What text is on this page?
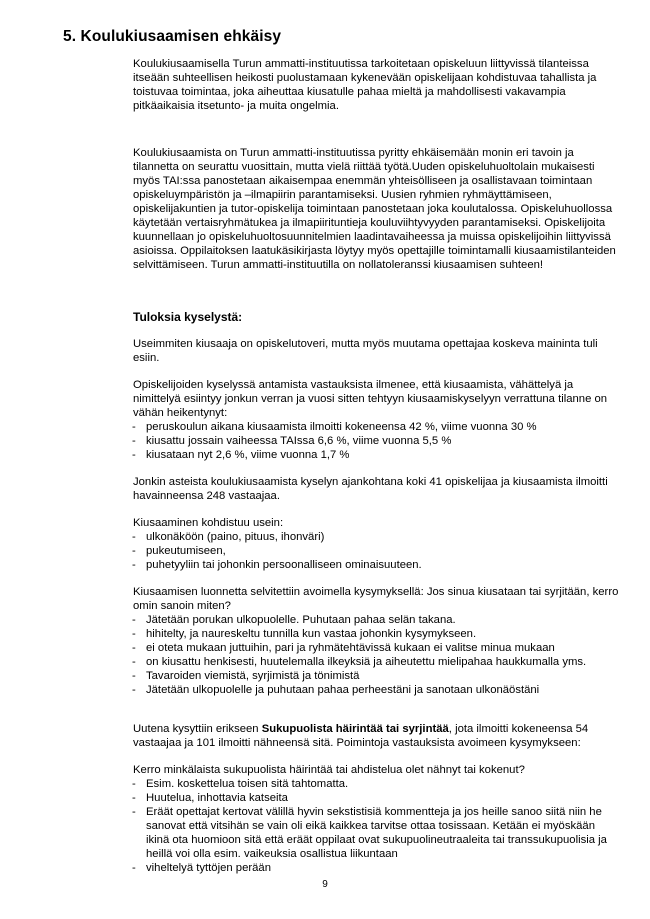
5. Koulukiusaamisen ehkäisy

Koulukiusaamisella Turun ammatti-instituutissa tarkoitetaan opiskeluun liittyvissä tilanteissa itseään suhteellisen heikosti puolustamaan kykenevään opiskelijaan kohdistuvaa tahallista ja toistuvaa toimintaa, joka aiheuttaa kiusatulle pahaa mieltä ja mahdollisesti vakavampia pitkäaikaisia itsetunto- ja muita ongelmia.

Koulukiusaamista on Turun ammatti-instituutissa pyritty ehkäisemään monin eri tavoin ja tilannetta on seurattu vuosittain, mutta vielä riittää työtä.Uuden opiskeluhuoltolain mukaisesti myös TAI:ssa panostetaan aikaisempaa enemmän yhteisölliseen ja osallistavaan toimintaan opiskeluympäristön ja –ilmapiirin parantamiseksi. Uusien ryhmien ryhmäyttämiseen, opiskelijakuntien ja tutor-opiskelija toimintaan panostetaan joka koulutalossa. Opiskeluhuollossa käytetään vertaisryhmätukea ja ilmapiirituntieja kouluviihtyvyyden parantamiseksi. Opiskelijoita kuunnellaan jo opiskeluhuoltosuunnitelmien laadintavaiheessa ja muissa opiskelijoihin liittyvissä asioissa. Oppilaitoksen laatukäsikirjasta löytyy myös opettajille toimintamalli kiusaamistilanteiden selvittämiseen. Turun ammatti-instituutilla on nollatoleranssi kiusaamisen suhteen!

Tuloksia kyselystä:

Useimmiten kiusaaja on opiskelutoveri, mutta myös muutama opettajaa koskeva maininta tuli esiin.

Opiskelijoiden kyselyssä antamista vastauksista ilmenee, että kiusaamista, vähättelyä ja nimittelyä esiintyy jonkun verran ja vuosi sitten tehtyyn kiusaamiskyselyyn verrattuna tilanne on vähän heikentynyt:

- peruskoulun aikana kiusaamista ilmoitti kokeneensa 42 %, viime vuonna 30 %
- kiusattu jossain vaiheessa TAIssa 6,6 %, viime vuonna 5,5 %
- kiusataan nyt 2,6 %, viime vuonna 1,7 %

Jonkin asteista koulukiusaamista kyselyn ajankohtana koki 41 opiskelijaa ja kiusaamista ilmoitti havainneensa 248 vastaajaa.

Kiusaaminen kohdistuu usein:

- ulkonäköön (paino, pituus, ihonväri)
- pukeutumiseen,
- puhetyyliin tai johonkin persoonalliseen ominaisuuteen.

Kiusaamisen luonnetta selvitettiin avoimella kysymyksellä: Jos sinua kiusataan tai syrjitään, kerro omin sanoin miten?

- Jätetään porukan ulkopuolelle. Puhutaan pahaa selän takana.
- hihitelty, ja naureskeltu tunnilla kun vastaa johonkin kysymykseen.
- ei oteta mukaan juttuihin, pari ja ryhmätehtävissä kukaan ei valitse minua mukaan
- on kiusattu henkisesti, huutelemalla ilkeyksiä ja aiheutettu mielipahaa haukkumalla yms.
- Tavaroiden viemistä, syrjimistä ja tönimistä
- Jätetään ulkopuolelle ja puhutaan pahaa perheestäni ja sanotaan ulkonäöstäni

Uutena kysyttiin erikseen Sukupuolista häirintää tai syrjintää, jota ilmoitti kokeneensa 54 vastaajaa ja 101 ilmoitti nähneensä sitä. Poimintoja vastauksista avoimeen kysymykseen:

Kerro minkälaista sukupuolista häirintää tai ahdistelua olet nähnyt tai kokenut?

- Esim. koskettelua toisen sitä tahtomatta.
- Huutelua, inhottavia katseita
- Eräät opettajat kertovat välillä hyvin sekstistisiä kommentteja ja jos heille sanoo siitä niin he sanovat että vitsihän se vain oli eikä kaikkea tarvitse ottaa tosissaan. Ketään ei myöskään ikinä ota huomioon sitä että eräät oppilaat ovat sukupuolineutraaleita tai transsukupuolisia ja heillä voi olla esim. vaikeuksia osallistua liikuntaan
- viheltelyä tyttöjen perään
9
